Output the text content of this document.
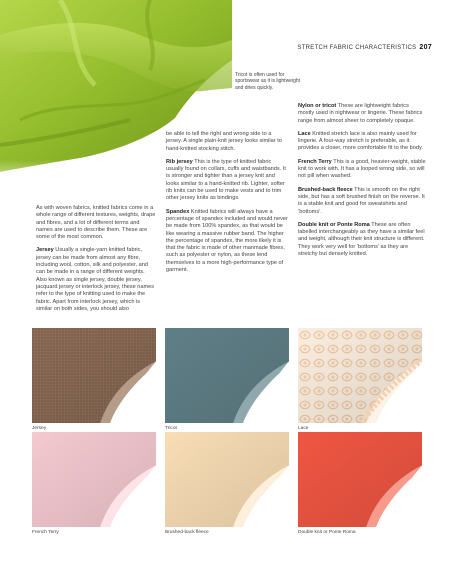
STRETCH FABRIC CHARACTERISTICS 207
Tricot is often used for sportswear as it is lightweight and dries quickly.

As with woven fabrics, knitted fabrics come in a whole range of different textures, weights, drape and fibres, and a lot of different terms and names are used to describe them. These are some of the most common.

Jersey Usually a single-yarn knitted fabric, jersey can be made from almost any fibre, including wool, cotton, silk and polyester, and can be made in a range of different weights. Also known as single jersey, double jersey, jacquard jersey or interlock jersey, these names refer to the type of knitting used to make the fabric. Apart from interlock jersey, which is similar on both sides, you should also

be able to tell the right and wrong side to a jersey. A single plain-knit jersey looks similar to hand-knitted stocking stitch.

Rib jersey This is the type of knitted fabric usually found on collars, cuffs and waistbands. It is stronger and tighter than a jersey knit and looks similar to a hand-knitted rib. Lighter, softer rib knits can be used to make vests and to trim other jersey knits as bindings.

Spandex Knitted fabrics will always have a percentage of spandex included and would never be made from 100% spandex, as that would be like wearing a massive rubber band. The higher the percentage of spandex, the more likely it is that the fabric is made of other manmade fibres, such as polyester or nylon, as these lend themselves to a more high-performance type of garment.

Nylon or tricot These are lightweight fabrics mostly used in nightwear or lingerie. These fabrics range from almost sheer to completely opaque.

Lace Knitted stretch lace is also mainly used for lingerie. A four-way stretch is preferable, as it provides a closer, more comfortable fit to the body.

French Terry This is a good, heavier-weight, stable knit to work with. It has a looped wrong side, so will not pill when washed.

Brushed-back fleece This is smooth on the right side, but has a soft brushed finish on the reverse. It is a stable knit and good for sweatshirts and ‘bottoms’.

Double knit or Ponte Roma These are often labelled interchangeably as they have a similar feel and weight, although their knit structure is different. They work very well for ‘bottoms’ as they are stretchy but densely knitted.

Jersey	Tricot	Lace
French Terry	Brushed-back fleece	Double knit or Ponte Roma
